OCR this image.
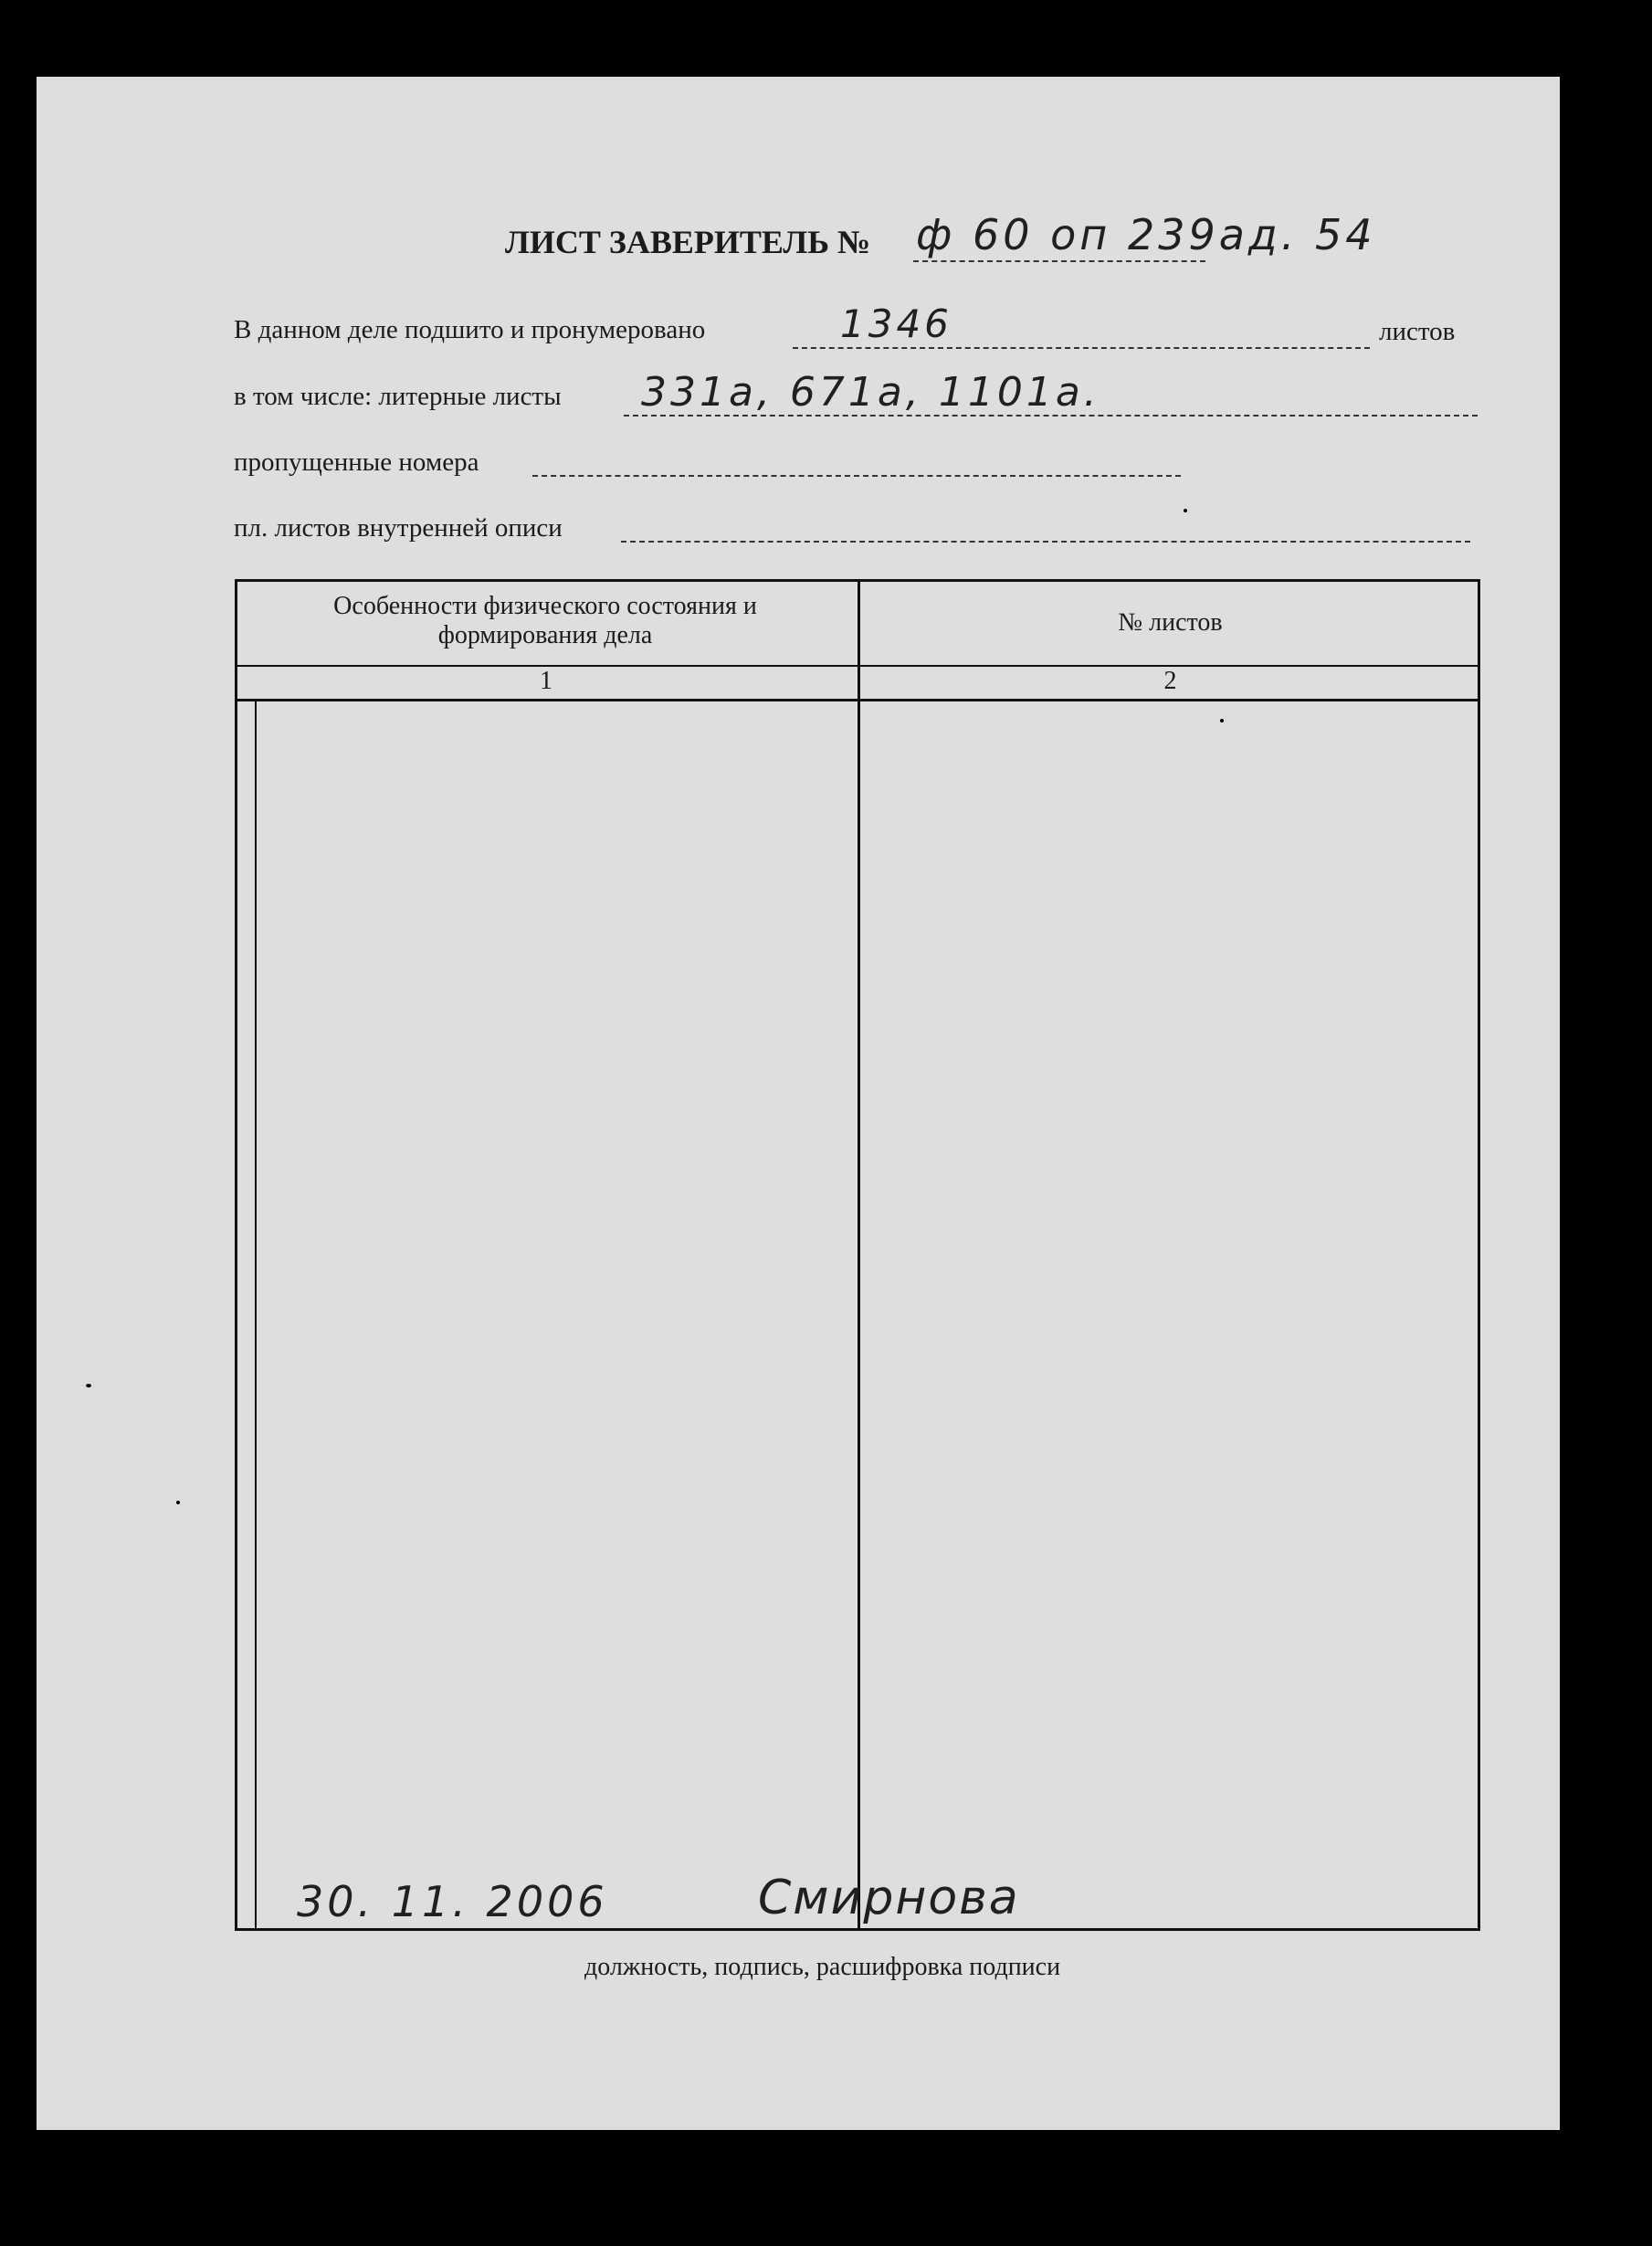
ЛИСТ ЗАВЕРИТЕЛЬ № ф 60 оп 239ад. 54
В данном деле подшито и пронумеровано	1346	листов
в том числе: литерные листы 331а, 671а, 1101а.
пропущенные номера
пл. листов внутренней описи
Особенности физического состояния и формирования дела	№ листов
1	2
30. 11. 2006	Смирнова
должность, подпись, расшифровка подписи
